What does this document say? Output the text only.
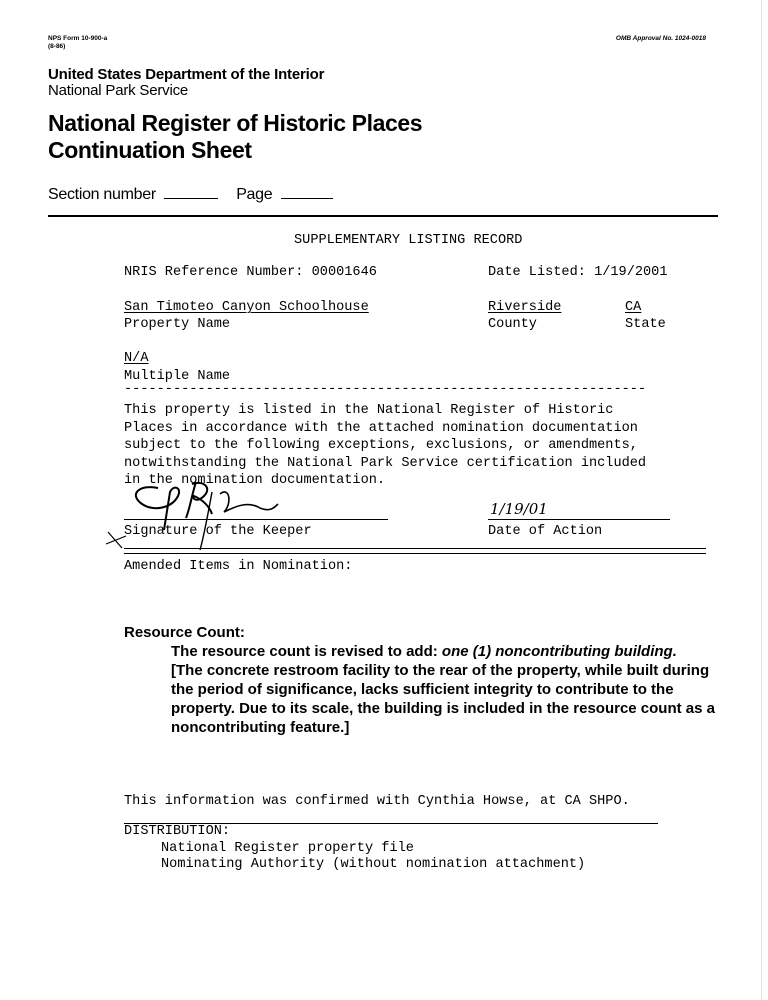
NPS Form 10-900-a
(8-86)
OMB Approval No. 1024-0018
United States Department of the Interior
National Park Service
National Register of Historic Places
Continuation Sheet
Section number	Page
SUPPLEMENTARY LISTING RECORD
NRIS Reference Number: 00001646	Date Listed: 1/19/2001
San Timoteo Canyon Schoolhouse
Property Name
Riverside
County
CA
State
N/A
Multiple Name
----------------------------------------------------------------
This property is listed in the National Register of Historic
Places in accordance with the attached nomination documentation
subject to the following exceptions, exclusions, or amendments,
notwithstanding the National Park Service certification included
in the nomination documentation.
1/19/01
Signature of the Keeper	Date of Action
Amended Items in Nomination:
Resource Count:
The resource count is revised to add: one (1) noncontributing building.
[The concrete restroom facility to the rear of the property, while built during the period of significance, lacks sufficient integrity to contribute to the property. Due to its scale, the building is included in the resource count as a noncontributing feature.]
This information was confirmed with Cynthia Howse, at CA SHPO.
DISTRIBUTION:
National Register property file
Nominating Authority (without nomination attachment)
